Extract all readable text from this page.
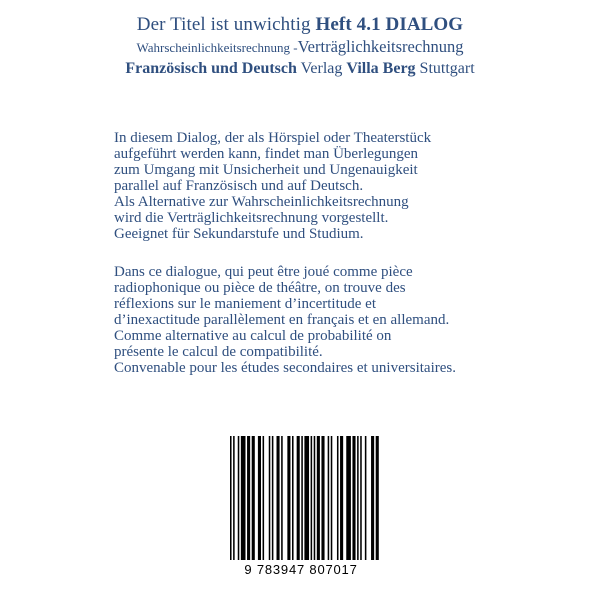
Der Titel ist unwichtig Heft 4.1 DIALOG
Wahrscheinlichkeitsrechnung -Verträglichkeitsrechnung
Französisch und Deutsch Verlag Villa Berg Stuttgart
In diesem Dialog, der als Hörspiel oder Theaterstück
aufgeführt werden kann, findet man Überlegungen
zum Umgang mit Unsicherheit und Ungenauigkeit
parallel auf Französisch und auf Deutsch.
Als Alternative zur Wahrscheinlichkeitsrechnung
wird die Verträglichkeitsrechnung vorgestellt.
Geeignet für Sekundarstufe und Studium.
Dans ce dialogue, qui peut être joué comme pièce
radiophonique ou pièce de théâtre, on trouve des
réflexions sur le maniement d’incertitude et
d’inexactitude parallèlement en français et en allemand.
Comme alternative au calcul de probabilité on
présente le calcul de compatibilité.
Convenable pour les études secondaires et universitaires.
9 783947 807017
